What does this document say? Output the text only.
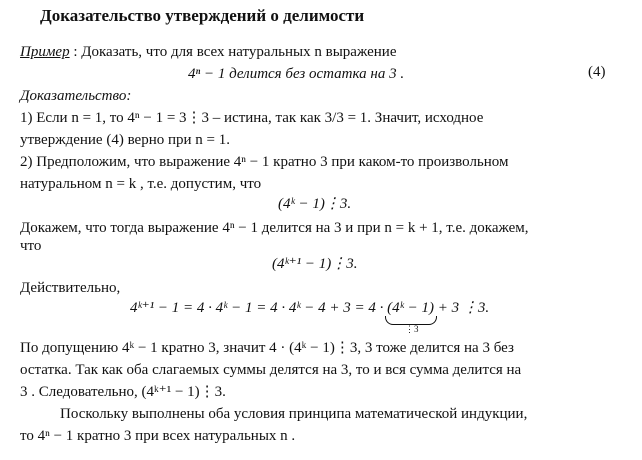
Доказательство утверждений о делимости
Пример : Доказать, что для всех натуральных n выражение
4ⁿ − 1 делится без остатка на 3 .	(4)
Доказательство:
1) Если n = 1, то 4ⁿ − 1 = 3⋮3 – истина, так как 3/3 = 1. Значит, исходное
утверждение (4) верно при n = 1.
2) Предположим, что выражение 4ⁿ − 1 кратно 3 при каком-то произвольном
натуральном n = k , т.е. допустим, что
(4ᵏ − 1)⋮3.
Докажем, что тогда выражение 4ⁿ − 1 делится на 3 и при n = k + 1, т.е. докажем,
что
(4ᵏ⁺¹ − 1)⋮3.
Действительно,
4ᵏ⁺¹ − 1 = 4 · 4ᵏ − 1 = 4 · 4ᵏ − 4 + 3 = 4 · (4ᵏ − 1) + 3 ⋮3.
⋮3
По допущению 4ᵏ − 1 кратно 3, значит 4 · (4ᵏ − 1)⋮3, 3 тоже делится на 3 без
остатка. Так как оба слагаемых суммы делятся на 3, то и вся сумма делится на
3 . Следовательно, (4ᵏ⁺¹ − 1)⋮3.
Поскольку выполнены оба условия принципа математической индукции,
то 4ⁿ − 1 кратно 3 при всех натуральных n .
